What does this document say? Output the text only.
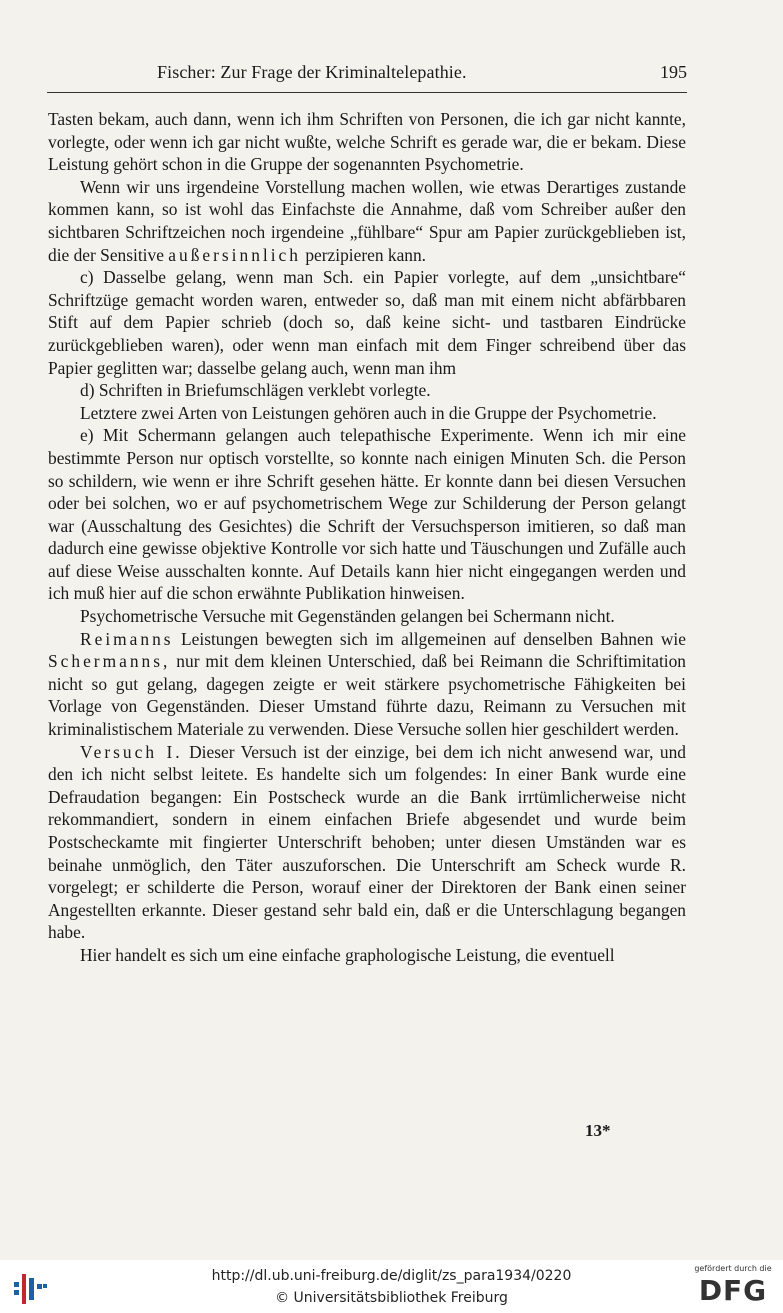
Fischer: Zur Frage der Kriminaltelepathie.	195

Tasten bekam, auch dann, wenn ich ihm Schriften von Personen, die ich gar nicht kannte, vorlegte, oder wenn ich gar nicht wußte, welche Schrift es gerade war, die er bekam. Diese Leistung gehört schon in die Gruppe der sogenannten Psychometrie.

Wenn wir uns irgendeine Vorstellung machen wollen, wie etwas Derartiges zustande kommen kann, so ist wohl das Einfachste die Annahme, daß vom Schreiber außer den sichtbaren Schriftzeichen noch irgendeine „fühlbare“ Spur am Papier zurückgeblieben ist, die der Sensitive außersinnlich perzipieren kann.

c) Dasselbe gelang, wenn man Sch. ein Papier vorlegte, auf dem „unsichtbare“ Schriftzüge gemacht worden waren, entweder so, daß man mit einem nicht abfärbbaren Stift auf dem Papier schrieb (doch so, daß keine sicht- und tastbaren Eindrücke zurückgeblieben waren), oder wenn man einfach mit dem Finger schreibend über das Papier geglitten war; dasselbe gelang auch, wenn man ihm

d) Schriften in Briefumschlägen verklebt vorlegte.

Letztere zwei Arten von Leistungen gehören auch in die Gruppe der Psychometrie.

e) Mit Schermann gelangen auch telepathische Experimente. Wenn ich mir eine bestimmte Person nur optisch vorstellte, so konnte nach einigen Minuten Sch. die Person so schildern, wie wenn er ihre Schrift gesehen hätte. Er konnte dann bei diesen Versuchen oder bei solchen, wo er auf psychometrischem Wege zur Schilderung der Person gelangt war (Ausschaltung des Gesichtes) die Schrift der Versuchsperson imitieren, so daß man dadurch eine gewisse objektive Kontrolle vor sich hatte und Täuschungen und Zufälle auch auf diese Weise ausschalten konnte. Auf Details kann hier nicht eingegangen werden und ich muß hier auf die schon erwähnte Publikation hinweisen.

Psychometrische Versuche mit Gegenständen gelangen bei Schermann nicht.

Reimanns Leistungen bewegten sich im allgemeinen auf denselben Bahnen wie Schermanns, nur mit dem kleinen Unterschied, daß bei Reimann die Schriftimitation nicht so gut gelang, dagegen zeigte er weit stärkere psychometrische Fähigkeiten bei Vorlage von Gegenständen. Dieser Umstand führte dazu, Reimann zu Versuchen mit kriminalistischem Materiale zu verwenden. Diese Versuche sollen hier geschildert werden.

Versuch I. Dieser Versuch ist der einzige, bei dem ich nicht anwesend war, und den ich nicht selbst leitete. Es handelte sich um folgendes: In einer Bank wurde eine Defraudation begangen: Ein Postscheck wurde an die Bank irrtümlicherweise nicht rekommandiert, sondern in einem einfachen Briefe abgesendet und wurde beim Postscheckamte mit fingierter Unterschrift behoben; unter diesen Umständen war es beinahe unmöglich, den Täter auszuforschen. Die Unterschrift am Scheck wurde R. vorgelegt; er schilderte die Person, worauf einer der Direktoren der Bank einen seiner Angestellten erkannte. Dieser gestand sehr bald ein, daß er die Unterschlagung begangen habe.

Hier handelt es sich um eine einfache graphologische Leistung, die eventuell

13*
http://dl.ub.uni-freiburg.de/diglit/zs_para1934/0220
© Universitätsbibliothek Freiburg
gefördert durch die
DFG
